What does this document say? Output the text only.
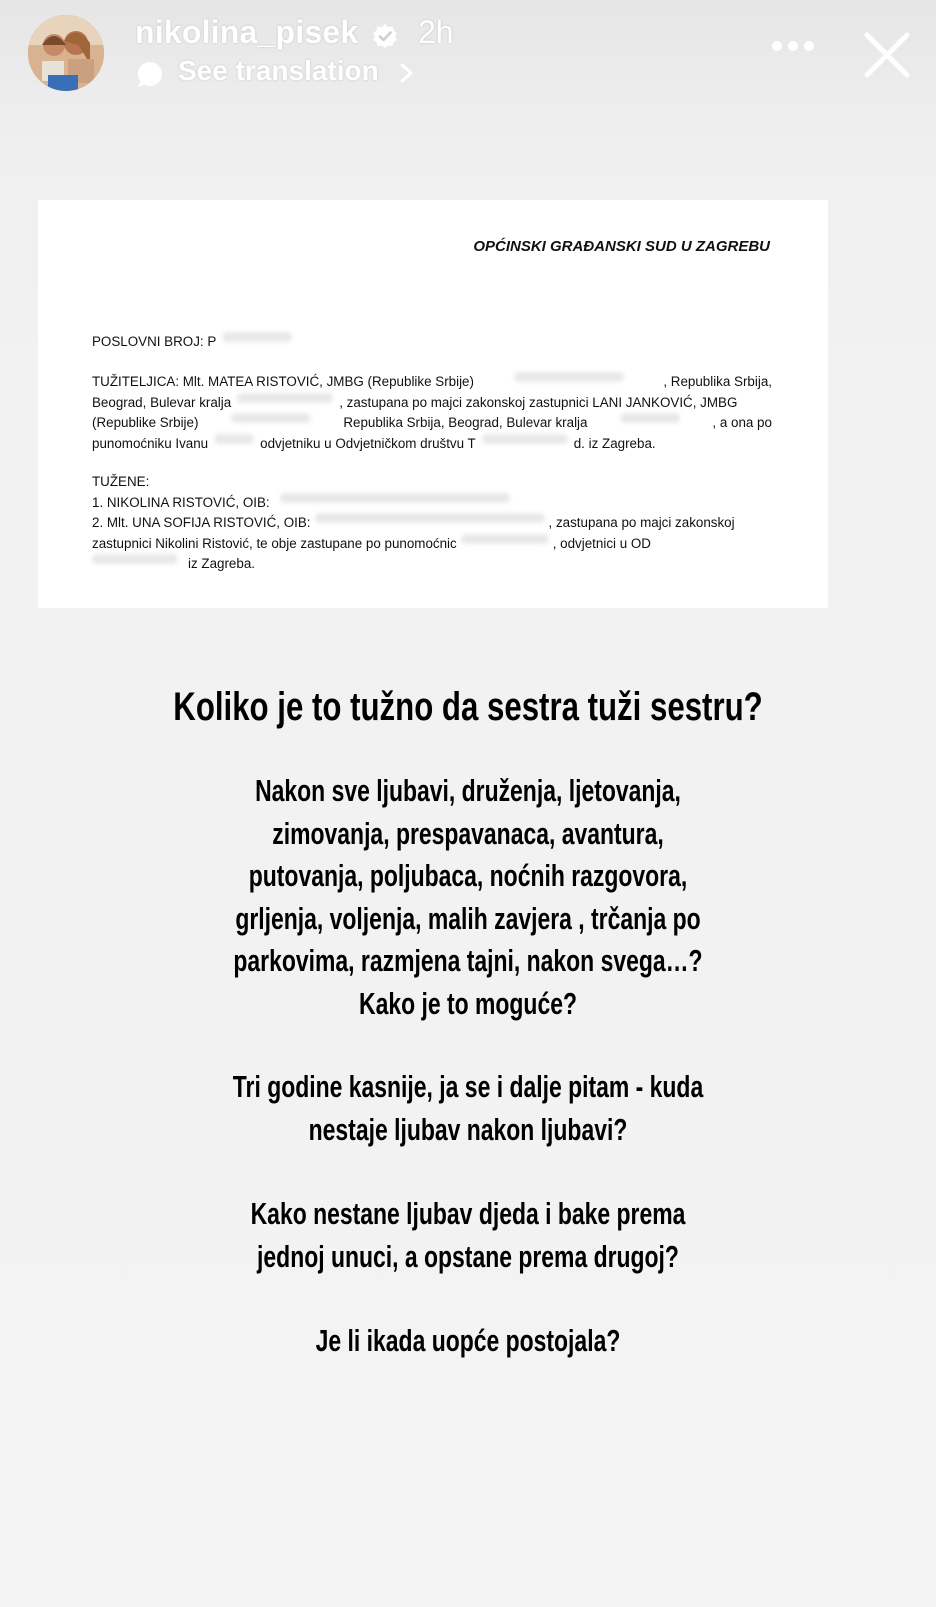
nikolina_pisek 2h
See translation
OPĆINSKI GRAĐANSKI SUD U ZAGREBU
POSLOVNI BROJ: P
TUŽITELJICA: Mlt. MATEA RISTOVIĆ, JMBG (Republike Srbije)	, Republika Srbija,
Beograd, Bulevar kralja	, zastupana po majci zakonskoj zastupnici LANI JANKOVIĆ, JMBG
(Republike Srbije)	Republika Srbija, Beograd, Bulevar kralja	, a ona po
punomoćniku Ivanu	odvjetniku u Odvjetničkom društvu T	d. iz Zagreba.
TUŽENE:
1. NIKOLINA RISTOVIĆ, OIB:
2. Mlt. UNA SOFIJA RISTOVIĆ, OIB:	, zastupana po majci zakonskoj
zastupnici Nikolini Ristović, te obje zastupane po punomoćnic	, odvjetnici u OD
iz Zagreba.
Koliko je to tužno da sestra tuži sestru?
Nakon sve ljubavi, druženja, ljetovanja,
zimovanja, prespavanaca, avantura,
putovanja, poljubaca, noćnih razgovora,
grljenja, voljenja, malih zavjera , trčanja po
parkovima, razmjena tajni, nakon svega…?
Kako je to moguće?
Tri godine kasnije, ja se i dalje pitam - kuda
nestaje ljubav nakon ljubavi?
Kako nestane ljubav djeda i bake prema
jednoj unuci, a opstane prema drugoj?
Je li ikada uopće postojala?
